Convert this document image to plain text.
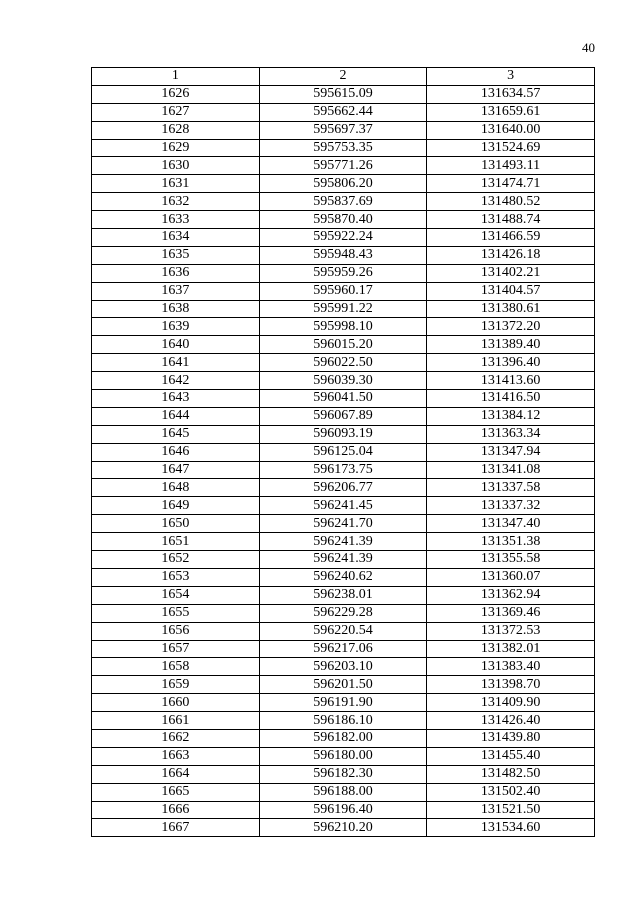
40
1	2	3
1626	595615.09	131634.57
1627	595662.44	131659.61
1628	595697.37	131640.00
1629	595753.35	131524.69
1630	595771.26	131493.11
1631	595806.20	131474.71
1632	595837.69	131480.52
1633	595870.40	131488.74
1634	595922.24	131466.59
1635	595948.43	131426.18
1636	595959.26	131402.21
1637	595960.17	131404.57
1638	595991.22	131380.61
1639	595998.10	131372.20
1640	596015.20	131389.40
1641	596022.50	131396.40
1642	596039.30	131413.60
1643	596041.50	131416.50
1644	596067.89	131384.12
1645	596093.19	131363.34
1646	596125.04	131347.94
1647	596173.75	131341.08
1648	596206.77	131337.58
1649	596241.45	131337.32
1650	596241.70	131347.40
1651	596241.39	131351.38
1652	596241.39	131355.58
1653	596240.62	131360.07
1654	596238.01	131362.94
1655	596229.28	131369.46
1656	596220.54	131372.53
1657	596217.06	131382.01
1658	596203.10	131383.40
1659	596201.50	131398.70
1660	596191.90	131409.90
1661	596186.10	131426.40
1662	596182.00	131439.80
1663	596180.00	131455.40
1664	596182.30	131482.50
1665	596188.00	131502.40
1666	596196.40	131521.50
1667	596210.20	131534.60
